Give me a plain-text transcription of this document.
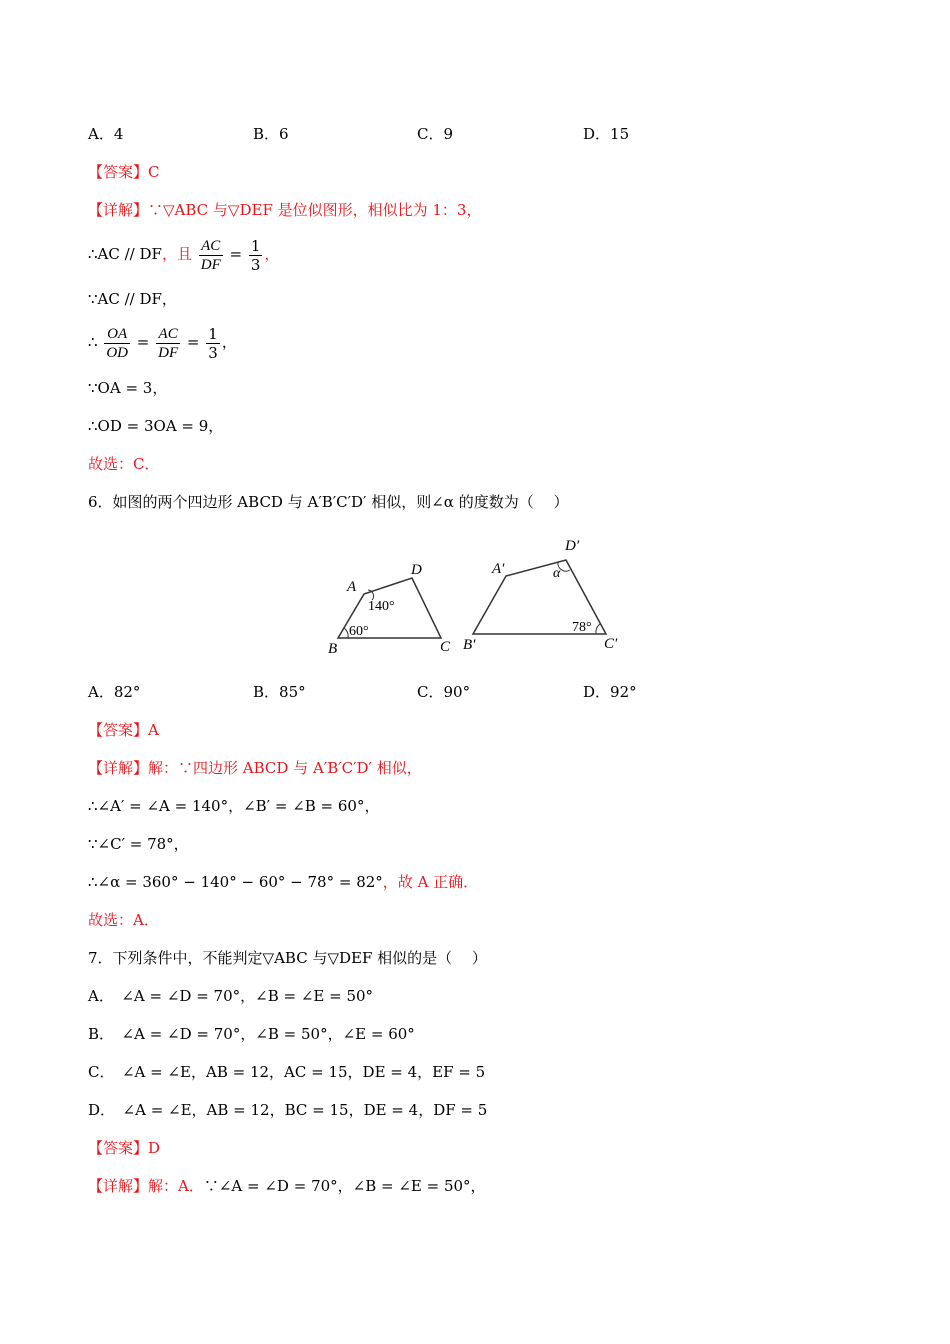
A．4	B．6	C．9	D．15
【答案】C
【详解】∵▽ABC 与▽DEF 是位似图形，相似比为 1：3，
∴AC // DF，且 $\frac{AC}{DF} = \frac{1}{3}$ ，
∵AC // DF，
∴ $\frac{OA}{OD} = \frac{AC}{DF} = \frac{1}{3}$ ，
∵OA = 3，
∴OD = 3OA = 9，
故选：C．
6．如图的两个四边形 ABCD 与 A′B′C′D′ 相似，则∠α 的度数为（　 ）
A
B	C
D
140°
60°
A′
B′	C′
D′
α
78°
A．82°	B．85°	C．90°	D．92°
【答案】A
【详解】解：∵四边形 ABCD 与 A′B′C′D′ 相似，
∴∠A′ = ∠A = 140°，∠B′ = ∠B = 60°，
∵∠C′ = 78°，
∴∠α = 360° − 140° − 60° − 78° = 82°，故 A 正确．
故选：A．
7．下列条件中，不能判定▽ABC 与▽DEF 相似的是（　 ）
A．　∠A = ∠D = 70°，∠B = ∠E = 50°
B．　∠A = ∠D = 70°，∠B = 50°，∠E = 60°
C．　∠A = ∠E，AB = 12，AC = 15，DE = 4，EF = 5
D．　∠A = ∠E，AB = 12，BC = 15，DE = 4，DF = 5
【答案】D
【详解】解：A．∵∠A = ∠D = 70°，∠B = ∠E = 50°，
